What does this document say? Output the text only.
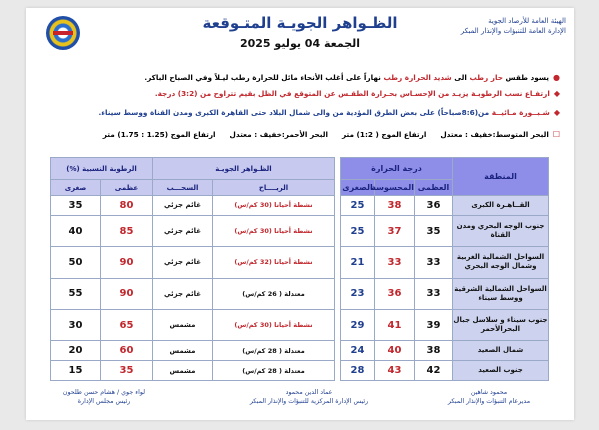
الهيئة العامة للأرصاد الجوية
الإدارة العامة للتنبؤات والإنذار المبكر
الظـواهر الجويـة المتـوقعة
الجمعة 04 يوليو 2025
●يسود طقس حار رطب الى شديد الحرارة رطب نهاراً على أغلب الأنحاء مائل للحرارة رطب ليـلاً وفي الصباح الباكر.
◆ارتفـاع نسب الرطوبـة يزيـد من الإحسـاس بحـرارة الطقـس عن المتوقع في الظل بقيم تتراوح من (3:2) درجة.
◆شـبــورة مـائيــة من(8:6صباحاً) على بعض الطرق المؤدية من والى شمال البلاد حتى القاهرة الكبرى ومدن القناة ووسط سيناء.
☐البحر المتوسط:خفيف : معتدلارتفاع الموج ( 1:2) مترالبحر الأحمر:خفيف : معتدلارتفاع الموج (1.25 : 1.75) متر
المنطقة	درجة الحرارة				الظـواهر الجويـة		الرطوبة النسبية (%)	
	العظمى	المحسوسة	الصغرى		الريــــاح	السحـــب	عظمى	صغرى
القــاهـرة الكبرى	36	38	25		نشطة أحيانا (30 كم/س)	غائم جزئي	80	35
جنوب الوجه البحري ومدن القناة	35	37	25		نشطة أحيانا (30 كم/س)	غائم جزئي	85	40
السواحل الشمالية الغربية وشمال الوجه البحري	33	33	21		نشطة أحيانا (32 كم/س)	غائم جزئي	90	50
السواحل الشمالية الشرقية ووسط سيناء	33	36	23		معتدلة ( 26 كم/س)	غائم جزئي	90	55
جنوب سيناء و سلاسل جبال البحرالأحمر	39	41	29		نشطة أحيانا (30 كم/س)	مشمس	65	30
شمال الصعيد	38	40	24		معتدلة ( 28 كم/س)	مشمس	60	20
جنوب الصعيد	42	43	28		معتدلة ( 28 كم/س)	مشمس	35	15
محمود شاهين
مديرعام التنبؤات والإنذار المبكر
عماد الدين محمود
رئيس الإدارة المركزية للتنبؤات والإنذار المبكر
لواء جوي / هشام حسن طلحون
رئيس مجلس الإدارة
